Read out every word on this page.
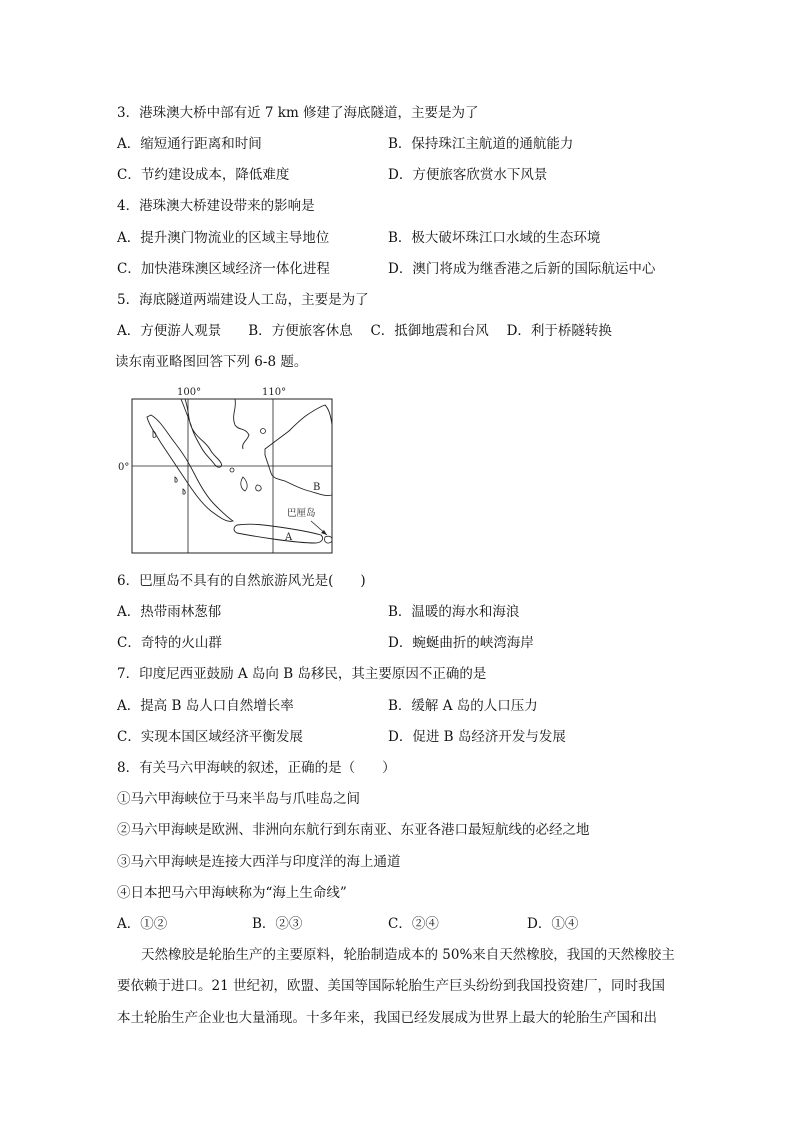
3．港珠澳大桥中部有近 7 km 修建了海底隧道，主要是为了
A．缩短通行距离和时间	B．保持珠江主航道的通航能力
C．节约建设成本，降低难度	D．方便旅客欣赏水下风景
4．港珠澳大桥建设带来的影响是
A．提升澳门物流业的区域主导地位	B．极大破坏珠江口水域的生态环境
C．加快港珠澳区域经济一体化进程	D．澳门将成为继香港之后新的国际航运中心
5．海底隧道两端建设人工岛，主要是为了
A．方便游人观景　　B．方便旅客休息　 C．抵御地震和台风　 D．利于桥隧转换
读东南亚略图回答下列 6-8 题。
100°	110°
0°
B
巴厘岛
A
6．巴厘岛不具有的自然旅游风光是(　　)
A．热带雨林葱郁	B．温暖的海水和海浪
C．奇特的火山群	D．蜿蜒曲折的峡湾海岸
7．印度尼西亚鼓励 A 岛向 B 岛移民，其主要原因不正确的是
A．提高 B 岛人口自然增长率	B．缓解 A 岛的人口压力
C．实现本国区域经济平衡发展	D．促进 B 岛经济开发与发展
8．有关马六甲海峡的叙述，正确的是（　　）
①马六甲海峡位于马来半岛与爪哇岛之间
②马六甲海峡是欧洲、非洲向东航行到东南亚、东亚各港口最短航线的必经之地
③马六甲海峡是连接大西洋与印度洋的海上通道
④日本把马六甲海峡称为“海上生命线”
A．①②	B．②③	C．②④	D．①④
天然橡胶是轮胎生产的主要原料，轮胎制造成本的 50%来自天然橡胶，我国的天然橡胶主
要依赖于进口。21 世纪初，欧盟、美国等国际轮胎生产巨头纷纷到我国投资建厂，同时我国
本土轮胎生产企业也大量涌现。十多年来，我国已经发展成为世界上最大的轮胎生产国和出
